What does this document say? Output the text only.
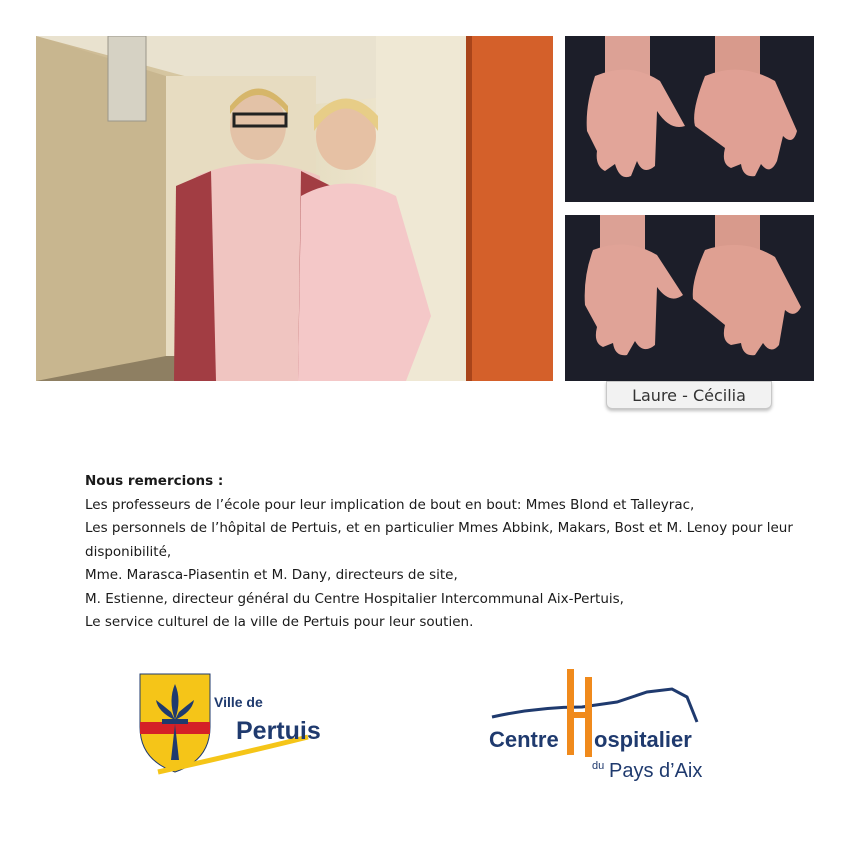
Laure - Cécilia
Nous remercions :
Les professeurs de l’école pour leur implication de bout en bout: Mmes Blond et Talleyrac,
Les personnels de l’hôpital de Pertuis, et en particulier Mmes Abbink, Makars, Bost et M. Lenoy pour leur disponibilité,
Mme. Marasca-Piasentin et M. Dany, directeurs de site,
M. Estienne, directeur général du Centre Hospitalier Intercommunal Aix-Pertuis,
Le service culturel de la ville de Pertuis pour leur soutien.
Ville de
Pertuis	Centre ospitalier
du Pays d’Aix
